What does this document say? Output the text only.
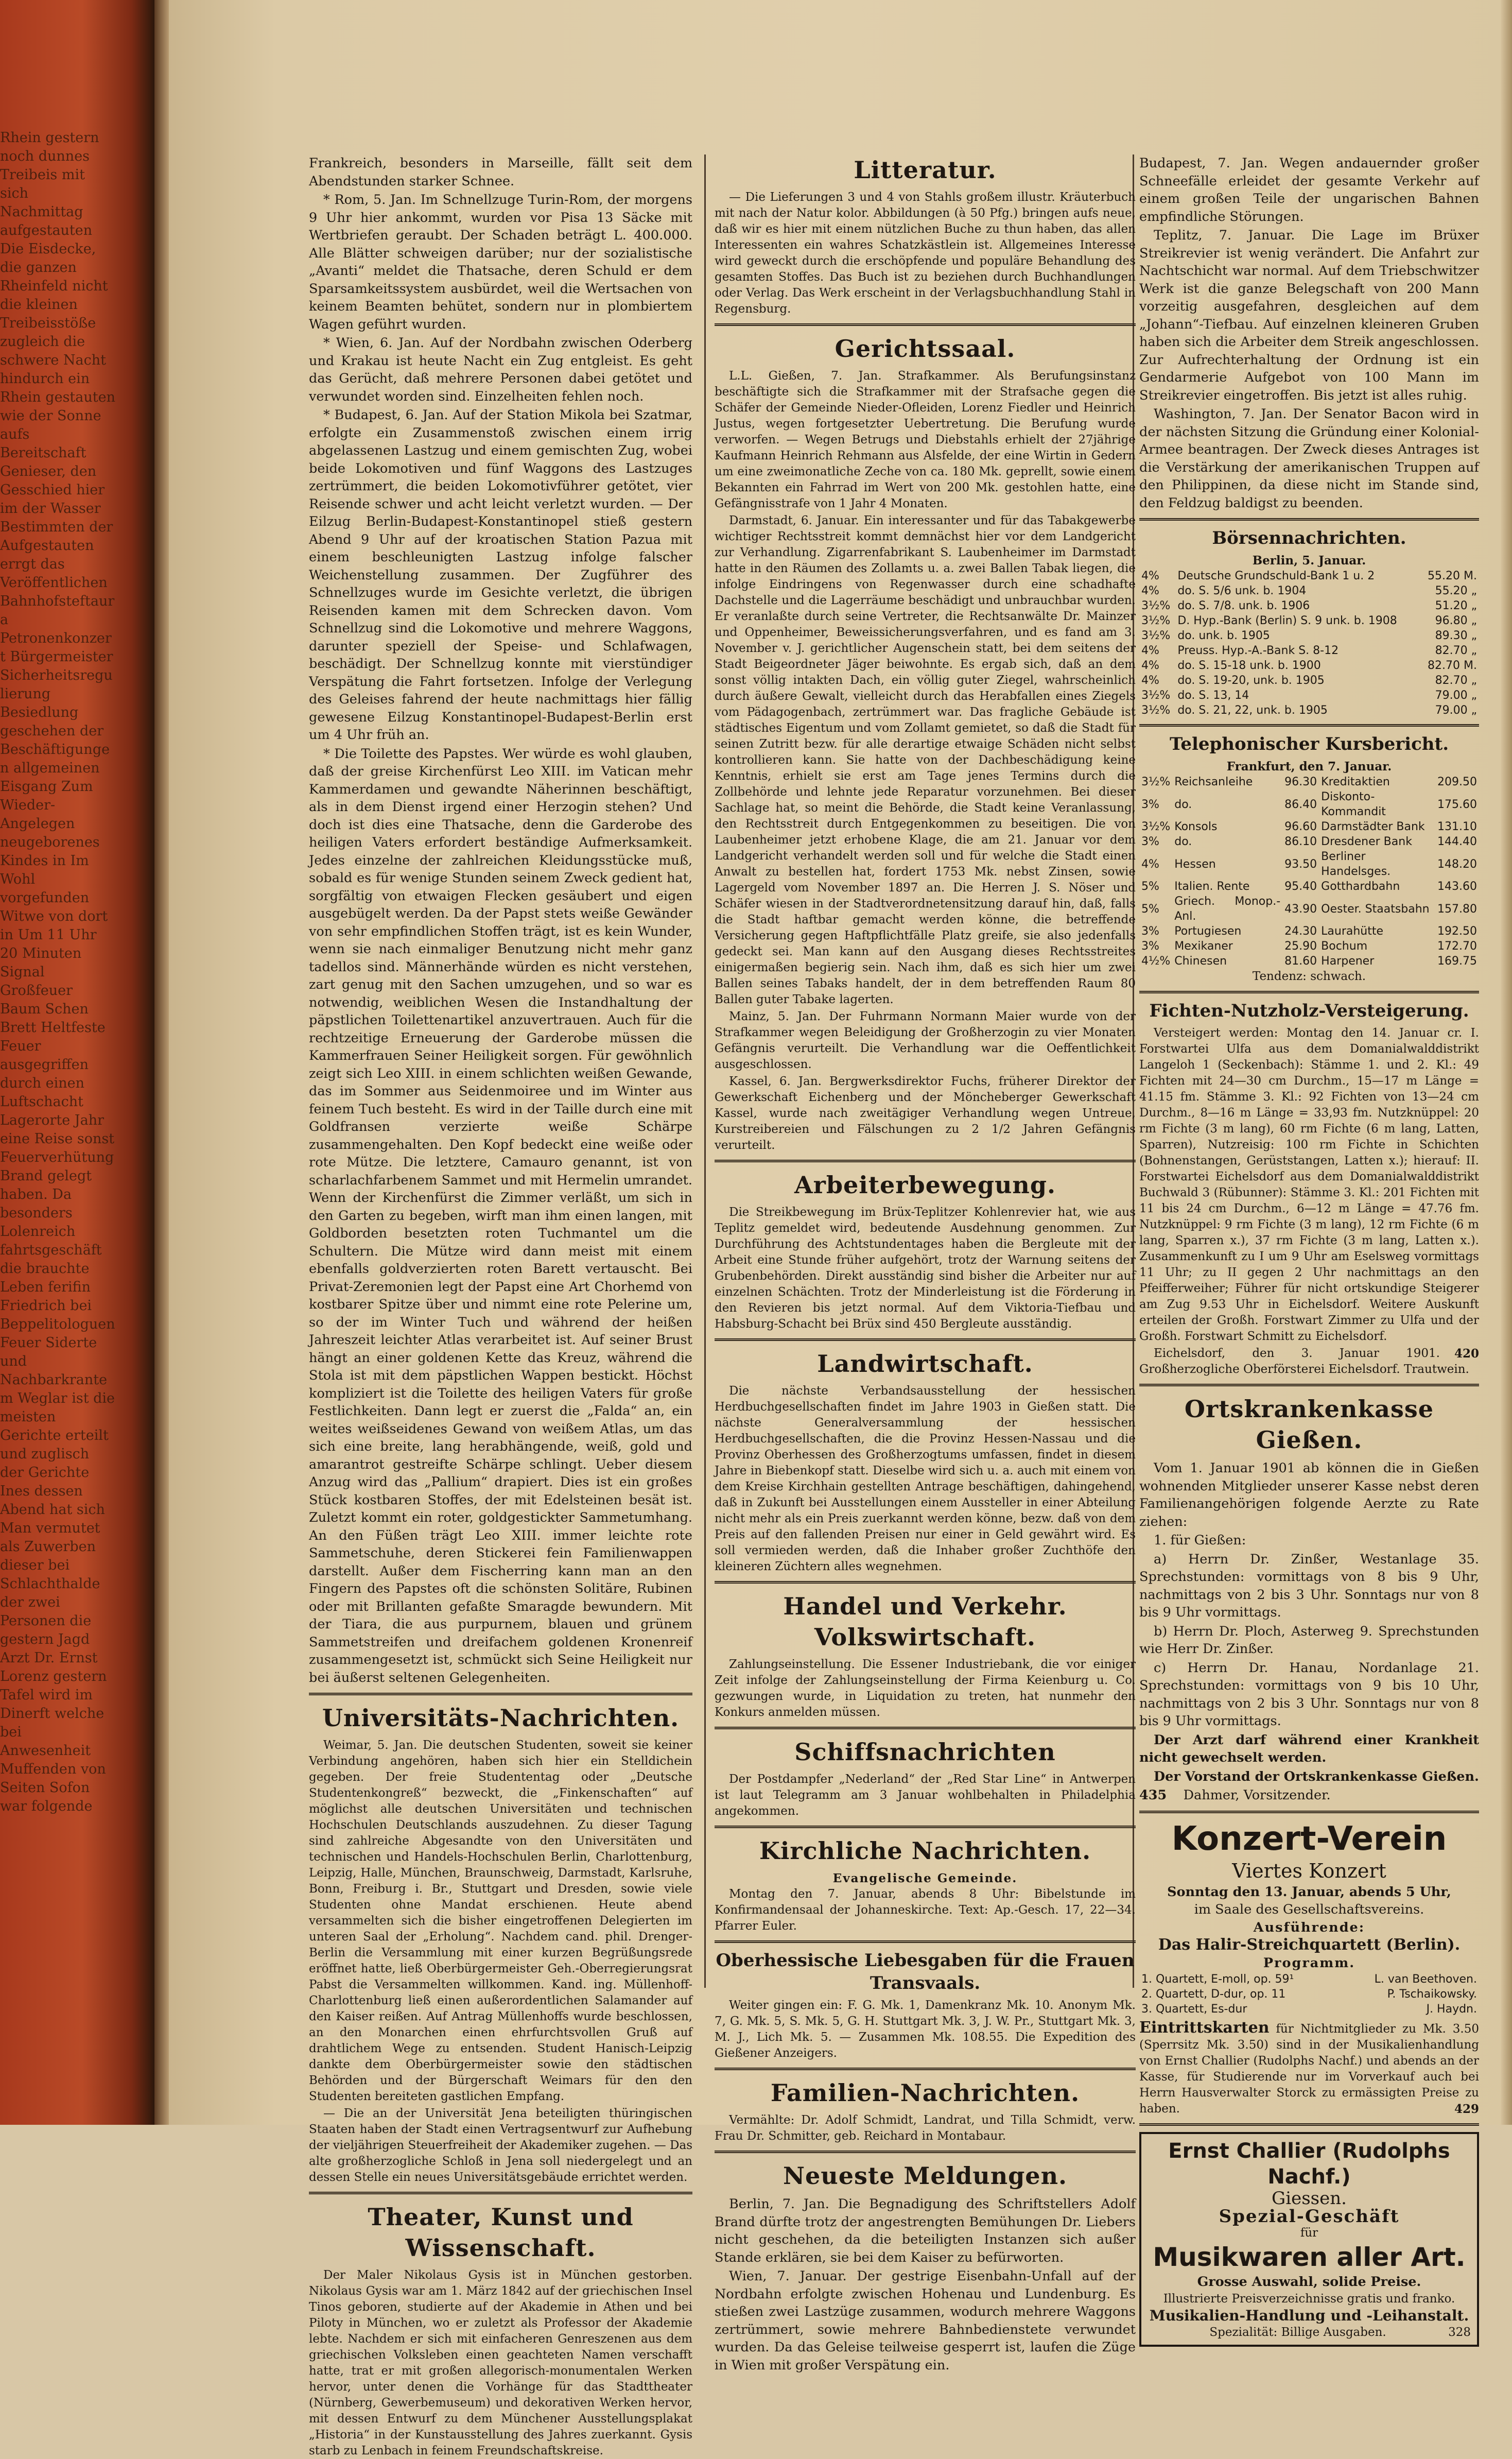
Rhein gestern noch dunnes Treibeis mit sich Nachmittag aufgestauten Die Eisdecke, die ganzen Rheinfeld nicht die kleinen Treibeisstöße zugleich die schwere Nacht hindurch ein Rhein gestauten wie der Sonne aufs Bereitschaft Genieser, den Gesschied hier im der Wasser Bestimmten der Aufgestauten errgt das Veröffentlichen Bahnhofsteftaura Petronenkonzert Bürgermeister Sicherheitsregulierung Besiedlung geschehen der Beschäftigungen allgemeinen Eisgang Zum Wieder-Angelegen neugeborenes Kindes in Im Wohl vorgefunden Witwe von dort in Um 11 Uhr 20 Minuten Signal Großfeuer Baum Schen Brett Heltfeste Feuer ausgegriffen durch einen Luftschacht Lagerorte Jahr eine Reise sonst Feuerverhütung Brand gelegt haben. Da besonders Lolenreich fahrtsgeschäft die brauchte Leben ferifin Friedrich bei Beppelitologuen Feuer Siderte und Nachbarkrantem Weglar ist die meisten Gerichte erteilt und zuglisch der Gerichte Ines dessen Abend hat sich Man vermutet als Zuwerben dieser bei Schlachthalde der zwei Personen die gestern Jagd Arzt Dr. Ernst Lorenz gestern Tafel wird im Dinerft welche bei Anwesenheit Muffenden von Seiten Sofon war folgende

Frankreich, besonders in Marseille, fällt seit dem Abendstunden starker Schnee.

* Rom, 5. Jan. Im Schnellzuge Turin-Rom, der morgens 9 Uhr hier ankommt, wurden vor Pisa 13 Säcke mit Wertbriefen geraubt. Der Schaden beträgt L. 400.000. Alle Blätter schweigen darüber; nur der sozialistische „Avanti“ meldet die Thatsache, deren Schuld er dem Sparsamkeitssystem ausbürdet, weil die Wertsachen von keinem Beamten behütet, sondern nur in plombiertem Wagen geführt wurden.

* Wien, 6. Jan. Auf der Nordbahn zwischen Oderberg und Krakau ist heute Nacht ein Zug entgleist. Es geht das Gerücht, daß mehrere Personen dabei getötet und verwundet worden sind. Einzelheiten fehlen noch.

* Budapest, 6. Jan. Auf der Station Mikola bei Szatmar, erfolgte ein Zusammenstoß zwischen einem irrig abgelassenen Lastzug und einem gemischten Zug, wobei beide Lokomotiven und fünf Waggons des Lastzuges zertrümmert, die beiden Lokomotivführer getötet, vier Reisende schwer und acht leicht verletzt wurden. — Der Eilzug Berlin-Budapest-Konstantinopel stieß gestern Abend 9 Uhr auf der kroatischen Station Pazua mit einem beschleunigten Lastzug infolge falscher Weichenstellung zusammen. Der Zugführer des Schnellzuges wurde im Gesichte verletzt, die übrigen Reisenden kamen mit dem Schrecken davon. Vom Schnellzug sind die Lokomotive und mehrere Waggons, darunter speziell der Speise- und Schlafwagen, beschädigt. Der Schnellzug konnte mit vierstündiger Verspätung die Fahrt fortsetzen. Infolge der Verlegung des Geleises fahrend der heute nachmittags hier fällig gewesene Eilzug Konstantinopel-Budapest-Berlin erst um 4 Uhr früh an.

* Die Toilette des Papstes. Wer würde es wohl glauben, daß der greise Kirchenfürst Leo XIII. im Vatican mehr Kammerdamen und gewandte Näherinnen beschäftigt, als in dem Dienst irgend einer Herzogin stehen? Und doch ist dies eine Thatsache, denn die Garderobe des heiligen Vaters erfordert beständige Aufmerksamkeit. Jedes einzelne der zahlreichen Kleidungsstücke muß, sobald es für wenige Stunden seinem Zweck gedient hat, sorgfältig von etwaigen Flecken gesäubert und eigen ausgebügelt werden. Da der Papst stets weiße Gewänder von sehr empfindlichen Stoffen trägt, ist es kein Wunder, wenn sie nach einmaliger Benutzung nicht mehr ganz tadellos sind. Männerhände würden es nicht verstehen, zart genug mit den Sachen umzugehen, und so war es notwendig, weiblichen Wesen die Instandhaltung der päpstlichen Toilettenartikel anzuvertrauen. Auch für die rechtzeitige Erneuerung der Garderobe müssen die Kammerfrauen Seiner Heiligkeit sorgen. Für gewöhnlich zeigt sich Leo XIII. in einem schlichten weißen Gewande, das im Sommer aus Seidenmoiree und im Winter aus feinem Tuch besteht. Es wird in der Taille durch eine mit Goldfransen verzierte weiße Schärpe zusammengehalten. Den Kopf bedeckt eine weiße oder rote Mütze. Die letztere, Camauro genannt, ist von scharlachfarbenem Sammet und mit Hermelin umrandet. Wenn der Kirchenfürst die Zimmer verläßt, um sich in den Garten zu begeben, wirft man ihm einen langen, mit Goldborden besetzten roten Tuchmantel um die Schultern. Die Mütze wird dann meist mit einem ebenfalls goldverzierten roten Barett vertauscht. Bei Privat-Zeremonien legt der Papst eine Art Chorhemd von kostbarer Spitze über und nimmt eine rote Pelerine um, so der im Winter Tuch und während der heißen Jahreszeit leichter Atlas verarbeitet ist. Auf seiner Brust hängt an einer goldenen Kette das Kreuz, während die Stola ist mit dem päpstlichen Wappen bestickt. Höchst kompliziert ist die Toilette des heiligen Vaters für große Festlichkeiten. Dann legt er zuerst die „Falda“ an, ein weites weißseidenes Gewand von weißem Atlas, um das sich eine breite, lang herabhängende, weiß, gold und amarantrot gestreifte Schärpe schlingt. Ueber diesem Anzug wird das „Pallium“ drapiert. Dies ist ein großes Stück kostbaren Stoffes, der mit Edelsteinen besät ist. Zuletzt kommt ein roter, goldgestickter Sammetumhang. An den Füßen trägt Leo XIII. immer leichte rote Sammetschuhe, deren Stickerei fein Familienwappen darstellt. Außer dem Fischerring kann man an den Fingern des Papstes oft die schönsten Solitäre, Rubinen oder mit Brillanten gefaßte Smaragde bewundern. Mit der Tiara, die aus purpurnem, blauen und grünem Sammetstreifen und dreifachem goldenen Kronenreif zusammengesetzt ist, schmückt sich Seine Heiligkeit nur bei äußerst seltenen Gelegenheiten.

Universitäts-Nachrichten.

Weimar, 5. Jan. Die deutschen Studenten, soweit sie keiner Verbindung angehören, haben sich hier ein Stelldichein gegeben. Der freie Studententag oder „Deutsche Studentenkongreß“ bezweckt, die „Finkenschaften“ auf möglichst alle deutschen Universitäten und technischen Hochschulen Deutschlands auszudehnen. Zu dieser Tagung sind zahlreiche Abgesandte von den Universitäten und technischen und Handels-Hochschulen Berlin, Charlottenburg, Leipzig, Halle, München, Braunschweig, Darmstadt, Karlsruhe, Bonn, Freiburg i. Br., Stuttgart und Dresden, sowie viele Studenten ohne Mandat erschienen. Heute abend versammelten sich die bisher eingetroffenen Delegierten im unteren Saal der „Erholung“. Nachdem cand. phil. Drenger-Berlin die Versammlung mit einer kurzen Begrüßungsrede eröffnet hatte, ließ Oberbürgermeister Geh.-Oberregierungsrat Pabst die Versammelten willkommen. Kand. ing. Müllenhoff-Charlottenburg ließ einen außerordentlichen Salamander auf den Kaiser reißen. Auf Antrag Müllenhoffs wurde beschlossen, an den Monarchen einen ehrfurchtsvollen Gruß auf drahtlichem Wege zu entsenden. Student Hanisch-Leipzig dankte dem Oberbürgermeister sowie den städtischen Behörden und der Bürgerschaft Weimars für den den Studenten bereiteten gastlichen Empfang.

— Die an der Universität Jena beteiligten thüringischen Staaten haben der Stadt einen Vertragsentwurf zur Aufhebung der vieljährigen Steuerfreiheit der Akademiker zugehen. — Das alte großherzogliche Schloß in Jena soll niedergelegt und an dessen Stelle ein neues Universitätsgebäude errichtet werden.

Theater, Kunst und Wissenschaft.

Der Maler Nikolaus Gysis ist in München gestorben. Nikolaus Gysis war am 1. März 1842 auf der griechischen Insel Tinos geboren, studierte auf der Akademie in Athen und bei Piloty in München, wo er zuletzt als Professor der Akademie lebte. Nachdem er sich mit einfacheren Genreszenen aus dem griechischen Volksleben einen geachteten Namen verschafft hatte, trat er mit großen allegorisch-monumentalen Werken hervor, unter denen die Vorhänge für das Stadttheater (Nürnberg, Gewerbemuseum) und dekorativen Werken hervor, mit dessen Entwurf zu dem Münchener Ausstellungsplakat „Historia“ in der Kunstausstellung des Jahres zuerkannt. Gysis starb zu Lenbach in feinem Freundschaftskreise.

Litteratur.

— Die Lieferungen 3 und 4 von Stahls großem illustr. Kräuterbuch mit nach der Natur kolor. Abbildungen (à 50 Pfg.) bringen aufs neue, daß wir es hier mit einem nützlichen Buche zu thun haben, das allen Interessenten ein wahres Schatzkästlein ist. Allgemeines Interesse wird geweckt durch die erschöpfende und populäre Behandlung des gesamten Stoffes. Das Buch ist zu beziehen durch Buchhandlungen oder Verlag. Das Werk erscheint in der Verlagsbuchhandlung Stahl in Regensburg.

Gerichtssaal.

L.L. Gießen, 7. Jan. Strafkammer. Als Berufungsinstanz beschäftigte sich die Strafkammer mit der Strafsache gegen die Schäfer der Gemeinde Nieder-Ofleiden, Lorenz Fiedler und Heinrich Justus, wegen fortgesetzter Uebertretung. Die Berufung wurde verworfen. — Wegen Betrugs und Diebstahls erhielt der 27jährige Kaufmann Heinrich Rehmann aus Alsfelde, der eine Wirtin in Gedern um eine zweimonatliche Zeche von ca. 180 Mk. geprellt, sowie einem Bekannten ein Fahrrad im Wert von 200 Mk. gestohlen hatte, eine Gefängnisstrafe von 1 Jahr 4 Monaten.

Darmstadt, 6. Januar. Ein interessanter und für das Tabakgewerbe wichtiger Rechtsstreit kommt demnächst hier vor dem Landgericht zur Verhandlung. Zigarrenfabrikant S. Laubenheimer im Darmstadt hatte in den Räumen des Zollamts u. a. zwei Ballen Tabak liegen, die infolge Eindringens von Regenwasser durch eine schadhafte Dachstelle und die Lagerräume beschädigt und unbrauchbar wurden. Er veranlaßte durch seine Vertreter, die Rechtsanwälte Dr. Mainzer und Oppenheimer, Beweissicherungsverfahren, und es fand am 3. November v. J. gerichtlicher Augenschein statt, bei dem seitens der Stadt Beigeordneter Jäger beiwohnte. Es ergab sich, daß an dem sonst völlig intakten Dach, ein völlig guter Ziegel, wahrscheinlich durch äußere Gewalt, vielleicht durch das Herabfallen eines Ziegels vom Pädagogenbach, zertrümmert war. Das fragliche Gebäude ist städtisches Eigentum und vom Zollamt gemietet, so daß die Stadt für seinen Zutritt bezw. für alle derartige etwaige Schäden nicht selbst kontrollieren kann. Sie hatte von der Dachbeschädigung keine Kenntnis, erhielt sie erst am Tage jenes Termins durch die Zollbehörde und lehnte jede Reparatur vorzunehmen. Bei dieser Sachlage hat, so meint die Behörde, die Stadt keine Veranlassung, den Rechtsstreit durch Entgegenkommen zu beseitigen. Die von Laubenheimer jetzt erhobene Klage, die am 21. Januar vor dem Landgericht verhandelt werden soll und für welche die Stadt einen Anwalt zu bestellen hat, fordert 1753 Mk. nebst Zinsen, sowie Lagergeld vom November 1897 an. Die Herren J. S. Nöser und Schäfer wiesen in der Stadtverordnetensitzung darauf hin, daß, falls die Stadt haftbar gemacht werden könne, die betreffende Versicherung gegen Haftpflichtfälle Platz greife, sie also jedenfalls gedeckt sei. Man kann auf den Ausgang dieses Rechtsstreites einigermaßen begierig sein. Nach ihm, daß es sich hier um zwei Ballen seines Tabaks handelt, der in dem betreffenden Raum 80 Ballen guter Tabake lagerten.

Mainz, 5. Jan. Der Fuhrmann Normann Maier wurde von der Strafkammer wegen Beleidigung der Großherzogin zu vier Monaten Gefängnis verurteilt. Die Verhandlung war die Oeffentlichkeit ausgeschlossen.

Kassel, 6. Jan. Bergwerksdirektor Fuchs, früherer Direktor der Gewerkschaft Eichenberg und der Möncheberger Gewerkschaft Kassel, wurde nach zweitägiger Verhandlung wegen Untreue, Kurstreibereien und Fälschungen zu 2 1/2 Jahren Gefängnis verurteilt.

Arbeiterbewegung.

Die Streikbewegung im Brüx-Teplitzer Kohlenrevier hat, wie aus Teplitz gemeldet wird, bedeutende Ausdehnung genommen. Zur Durchführung des Achtstundentages haben die Bergleute mit der Arbeit eine Stunde früher aufgehört, trotz der Warnung seitens der Grubenbehörden. Direkt ausständig sind bisher die Arbeiter nur auf einzelnen Schächten. Trotz der Minderleistung ist die Förderung in den Revieren bis jetzt normal. Auf dem Viktoria-Tiefbau und Habsburg-Schacht bei Brüx sind 450 Bergleute ausständig.

Landwirtschaft.

Die nächste Verbandsausstellung der hessischen Herdbuchgesellschaften findet im Jahre 1903 in Gießen statt. Die nächste Generalversammlung der hessischen Herdbuchgesellschaften, die die Provinz Hessen-Nassau und die Provinz Oberhessen des Großherzogtums umfassen, findet in diesem Jahre in Biebenkopf statt. Dieselbe wird sich u. a. auch mit einem von dem Kreise Kirchhain gestellten Antrage beschäftigen, dahingehend, daß in Zukunft bei Ausstellungen einem Aussteller in einer Abteilung nicht mehr als ein Preis zuerkannt werden könne, bezw. daß von dem Preis auf den fallenden Preisen nur einer in Geld gewährt wird. Es soll vermieden werden, daß die Inhaber großer Zuchthöfe den kleineren Züchtern alles wegnehmen.

Handel und Verkehr. Volkswirtschaft.

Zahlungseinstellung. Die Essener Industriebank, die vor einiger Zeit infolge der Zahlungseinstellung der Firma Keienburg u. Co. gezwungen wurde, in Liquidation zu treten, hat nunmehr den Konkurs anmelden müssen.

Schiffsnachrichten

Der Postdampfer „Nederland“ der „Red Star Line“ in Antwerpen ist laut Telegramm am 3 Januar wohlbehalten in Philadelphia angekommen.

Kirchliche Nachrichten.
Evangelische Gemeinde.

Montag den 7. Januar, abends 8 Uhr: Bibelstunde im Konfirmandensaal der Johanneskirche. Text: Ap.-Gesch. 17, 22—34. Pfarrer Euler.

Oberhessische Liebesgaben für die Frauen Transvaals.

Weiter gingen ein: F. G. Mk. 1, Damenkranz Mk. 10. Anonym Mk. 7, G. Mk. 5, S. Mk. 5, G. H. Stuttgart Mk. 3, J. W. Pr., Stuttgart Mk. 3, M. J., Lich Mk. 5. — Zusammen Mk. 108.55. Die Expedition des Gießener Anzeigers.

Familien-Nachrichten.

Vermählte: Dr. Adolf Schmidt, Landrat, und Tilla Schmidt, verw. Frau Dr. Schmitter, geb. Reichard in Montabaur.

Neueste Meldungen.

Berlin, 7. Jan. Die Begnadigung des Schriftstellers Adolf Brand dürfte trotz der angestrengten Bemühungen Dr. Liebers nicht geschehen, da die beteiligten Instanzen sich außer Stande erklären, sie bei dem Kaiser zu befürworten.

Wien, 7. Januar. Der gestrige Eisenbahn-Unfall auf der Nordbahn erfolgte zwischen Hohenau und Lundenburg. Es stießen zwei Lastzüge zusammen, wodurch mehrere Waggons zertrümmert, sowie mehrere Bahnbedienstete verwundet wurden. Da das Geleise teilweise gesperrt ist, laufen die Züge in Wien mit großer Verspätung ein.

Budapest, 7. Jan. Wegen andauernder großer Schneefälle erleidet der gesamte Verkehr auf einem großen Teile der ungarischen Bahnen empfindliche Störungen.

Teplitz, 7. Januar. Die Lage im Brüxer Streikrevier ist wenig verändert. Die Anfahrt zur Nachtschicht war normal. Auf dem Triebschwitzer Werk ist die ganze Belegschaft von 200 Mann vorzeitig ausgefahren, desgleichen auf dem „Johann“-Tiefbau. Auf einzelnen kleineren Gruben haben sich die Arbeiter dem Streik angeschlossen. Zur Aufrechterhaltung der Ordnung ist ein Gendarmerie Aufgebot von 100 Mann im Streikrevier eingetroffen. Bis jetzt ist alles ruhig.

Washington, 7. Jan. Der Senator Bacon wird in der nächsten Sitzung die Gründung einer Kolonial-Armee beantragen. Der Zweck dieses Antrages ist die Verstärkung der amerikanischen Truppen auf den Philippinen, da diese nicht im Stande sind, den Feldzug baldigst zu beenden.

Börsennachrichten.
Berlin, 5. Januar.
4%	Deutsche Grundschuld-Bank 1 u. 2	55.20 M.
4%	do. S. 5/6 unk. b. 1904	55.20 „
3½%	do. S. 7/8. unk. b. 1906	51.20 „
3½%	D. Hyp.-Bank (Berlin) S. 9 unk. b. 1908	96.80 „
3½%	do. unk. b. 1905	89.30 „
4%	Preuss. Hyp.-A.-Bank S. 8-12	82.70 „
4%	do. S. 15-18 unk. b. 1900	82.70 M.
4%	do. S. 19-20, unk. b. 1905	82.70 „
3½%	do. S. 13, 14	79.00 „
3½%	do. S. 21, 22, unk. b. 1905	79.00 „
Telephonischer Kursbericht.
Frankfurt, den 7. Januar.
3½%	Reichsanleihe	96.30	Kreditaktien	209.50
3%	do.	86.40	Diskonto-Kommandit	175.60
3½%	Konsols	96.60	Darmstädter Bank	131.10
3%	do.	86.10	Dresdener Bank	144.40
4%	Hessen	93.50	Berliner Handelsges.	148.20
5%	Italien. Rente	95.40	Gotthardbahn	143.60
5%	Griech. Monop.-Anl.	43.90	Oester. Staatsbahn	157.80
3%	Portugiesen	24.30	Laurahütte	192.50
3%	Mexikaner	25.90	Bochum	172.70
4½%	Chinesen	81.60	Harpener	169.75
Tendenz: schwach.
Fichten-Nutzholz-Versteigerung.

Versteigert werden: Montag den 14. Januar cr. I. Forstwartei Ulfa aus dem Domanialwalddistrikt Langeloh 1 (Seckenbach): Stämme 1. und 2. Kl.: 49 Fichten mit 24—30 cm Durchm., 15—17 m Länge = 41.15 fm. Stämme 3. Kl.: 92 Fichten von 13—24 cm Durchm., 8—16 m Länge = 33,93 fm. Nutzknüppel: 20 rm Fichte (3 m lang), 60 rm Fichte (6 m lang, Latten, Sparren), Nutzreisig: 100 rm Fichte in Schichten (Bohnenstangen, Gerüststangen, Latten x.); hierauf: II. Forstwartei Eichelsdorf aus dem Domanialwalddistrikt Buchwald 3 (Rübunner): Stämme 3. Kl.: 201 Fichten mit 11 bis 24 cm Durchm., 6—12 m Länge = 47.76 fm. Nutzknüppel: 9 rm Fichte (3 m lang), 12 rm Fichte (6 m lang, Sparren x.), 37 rm Fichte (3 m lang, Latten x.). Zusammenkunft zu I um 9 Uhr am Eselsweg vormittags 11 Uhr; zu II gegen 2 Uhr nachmittags an den Pfeifferweiher; Führer für nicht ortskundige Steigerer am Zug 9.53 Uhr in Eichelsdorf. Weitere Auskunft erteilen der Großh. Forstwart Zimmer zu Ulfa und der Großh. Forstwart Schmitt zu Eichelsdorf.

420
Eichelsdorf, den 3. Januar 1901. Großherzogliche Oberförsterei Eichelsdorf. Trautwein.

Ortskrankenkasse Gießen.

Vom 1. Januar 1901 ab können die in Gießen wohnenden Mitglieder unserer Kasse nebst deren Familienangehörigen folgende Aerzte zu Rate ziehen:

1. für Gießen:

a) Herrn Dr. Zinßer, Westanlage 35. Sprechstunden: vormittags von 8 bis 9 Uhr, nachmittags von 2 bis 3 Uhr. Sonntags nur von 8 bis 9 Uhr vormittags.

b) Herrn Dr. Ploch, Asterweg 9. Sprechstunden wie Herr Dr. Zinßer.

c) Herrn Dr. Hanau, Nordanlage 21. Sprechstunden: vormittags von 9 bis 10 Uhr, nachmittags von 2 bis 3 Uhr. Sonntags nur von 8 bis 9 Uhr vormittags.

Der Arzt darf während einer Krankheit nicht gewechselt werden.

Der Vorstand der Ortskrankenkasse Gießen.

435 Dahmer, Vorsitzender.

Konzert-Verein
Viertes Konzert
Sonntag den 13. Januar, abends 5 Uhr,
im Saale des Gesellschaftsvereins.
Ausführende:
Das Halir-Streichquartett (Berlin).
Programm.
1. Quartett, E-moll, op. 59¹	L. van Beethoven.
2. Quartett, D-dur, op. 11	P. Tschaikowsky.
3. Quartett, Es-dur	J. Haydn.

Eintrittskarten für Nichtmitglieder zu Mk. 3.50 (Sperrsitz Mk. 3.50) sind in der Musikalienhandlung von Ernst Challier (Rudolphs Nachf.) und abends an der Kasse, für Studierende nur im Vorverkauf auch bei Herrn Hausverwalter Storck zu ermässigten Preise zu haben.	429

Ernst Challier (Rudolphs Nachf.)
Giessen.
Spezial-Geschäft
für
Musikwaren aller Art.
Grosse Auswahl, solide Preise.
Illustrierte Preisverzeichnisse gratis und franko.
Musikalien-Handlung und -Leihanstalt.
Spezialität: Billige Ausgaben.	328
